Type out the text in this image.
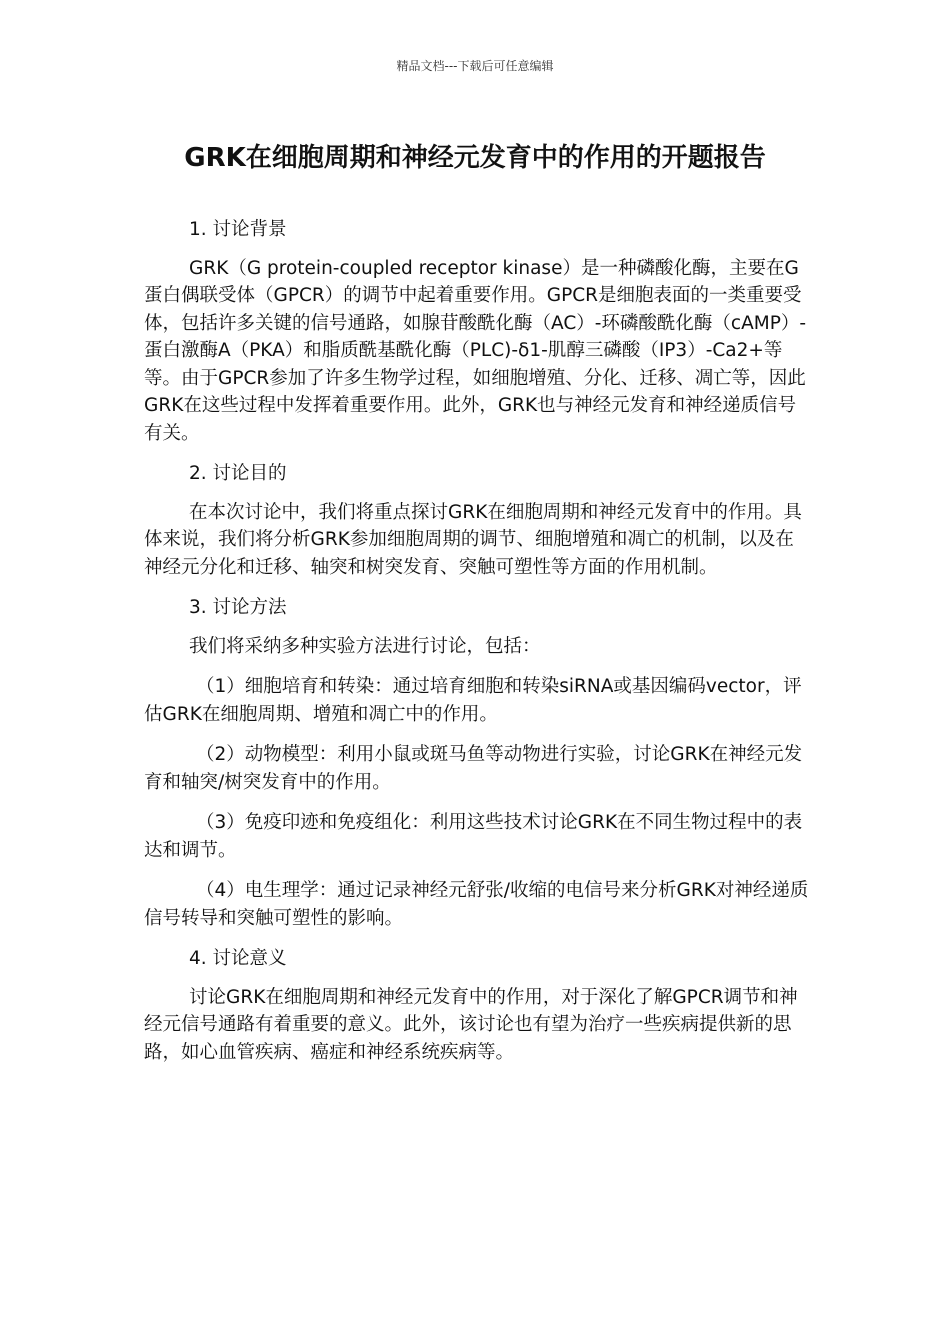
精品文档---下载后可任意编辑
GRK在细胞周期和神经元发育中的作用的开题报告

1. 讨论背景

GRK（G protein-coupled receptor kinase）是一种磷酸化酶，主要在G蛋白偶联受体（GPCR）的调节中起着重要作用。GPCR是细胞表面的一类重要受体，包括许多关键的信号通路，如腺苷酸酰化酶（AC）-环磷酸酰化酶（cAMP）-蛋白激酶A（PKA）和脂质酰基酰化酶（PLC)-δ1-肌醇三磷酸（IP3）-Ca2+等等。由于GPCR参加了许多生物学过程，如细胞增殖、分化、迁移、凋亡等，因此GRK在这些过程中发挥着重要作用。此外，GRK也与神经元发育和神经递质信号有关。

2. 讨论目的

在本次讨论中，我们将重点探讨GRK在细胞周期和神经元发育中的作用。具体来说，我们将分析GRK参加细胞周期的调节、细胞增殖和凋亡的机制，以及在神经元分化和迁移、轴突和树突发育、突触可塑性等方面的作用机制。

3. 讨论方法

我们将采纳多种实验方法进行讨论，包括：

（1）细胞培育和转染：通过培育细胞和转染siRNA或基因编码vector，评估GRK在细胞周期、增殖和凋亡中的作用。

（2）动物模型：利用小鼠或斑马鱼等动物进行实验，讨论GRK在神经元发育和轴突/树突发育中的作用。

（3）免疫印迹和免疫组化：利用这些技术讨论GRK在不同生物过程中的表达和调节。

（4）电生理学：通过记录神经元舒张/收缩的电信号来分析GRK对神经递质信号转导和突触可塑性的影响。

4. 讨论意义

讨论GRK在细胞周期和神经元发育中的作用，对于深化了解GPCR调节和神经元信号通路有着重要的意义。此外，该讨论也有望为治疗一些疾病提供新的思路，如心血管疾病、癌症和神经系统疾病等。
